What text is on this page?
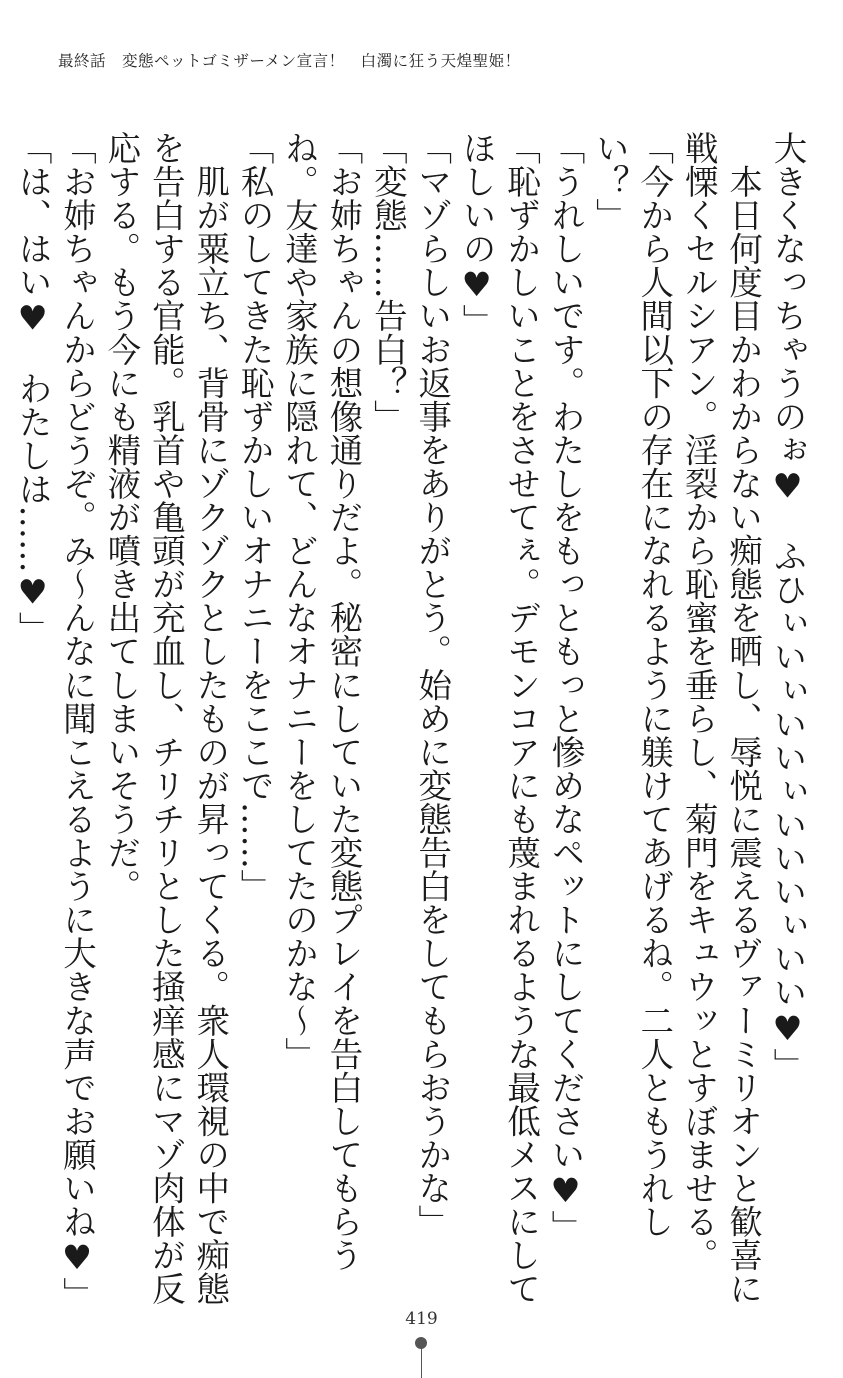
最終話　変態ペットゴミザーメン宣言！　白濁に狂う天煌聖姫！

大きくなっちゃうのぉ♥　ふひぃいぃいいぃいいいぃいい♥」

　本日何度目かわからない痴態を晒し、辱悦に震えるヴァーミリオンと歓喜に戦慄くセルシアン。淫裂から恥蜜を垂らし、菊門をキュウッとすぼませる。

「今から人間以下の存在になれるように躾けてあげるね。二人ともうれしい？」

「うれしいです。わたしをもっともっと惨めなペットにしてください♥」

「恥ずかしいことをさせてぇ。デモンコアにも蔑まれるような最低メスにしてほしいの♥」

「マゾらしいお返事をありがとう。始めに変態告白をしてもらおうかな」

「変態……告白？」

「お姉ちゃんの想像通りだよ。秘密にしていた変態プレイを告白してもらうね。友達や家族に隠れて、どんなオナニーをしてたのかな～」

「私のしてきた恥ずかしいオナニーをここで……」

　肌が粟立ち、背骨にゾクゾクとしたものが昇ってくる。衆人環視の中で痴態を告白する官能。乳首や亀頭が充血し、チリチリとした掻痒感にマゾ肉体が反応する。もう今にも精液が噴き出てしまいそうだ。

「お姉ちゃんからどうぞ。み～んなに聞こえるように大きな声でお願いね♥」

「は、はい♥　わたしは……♥」

419
